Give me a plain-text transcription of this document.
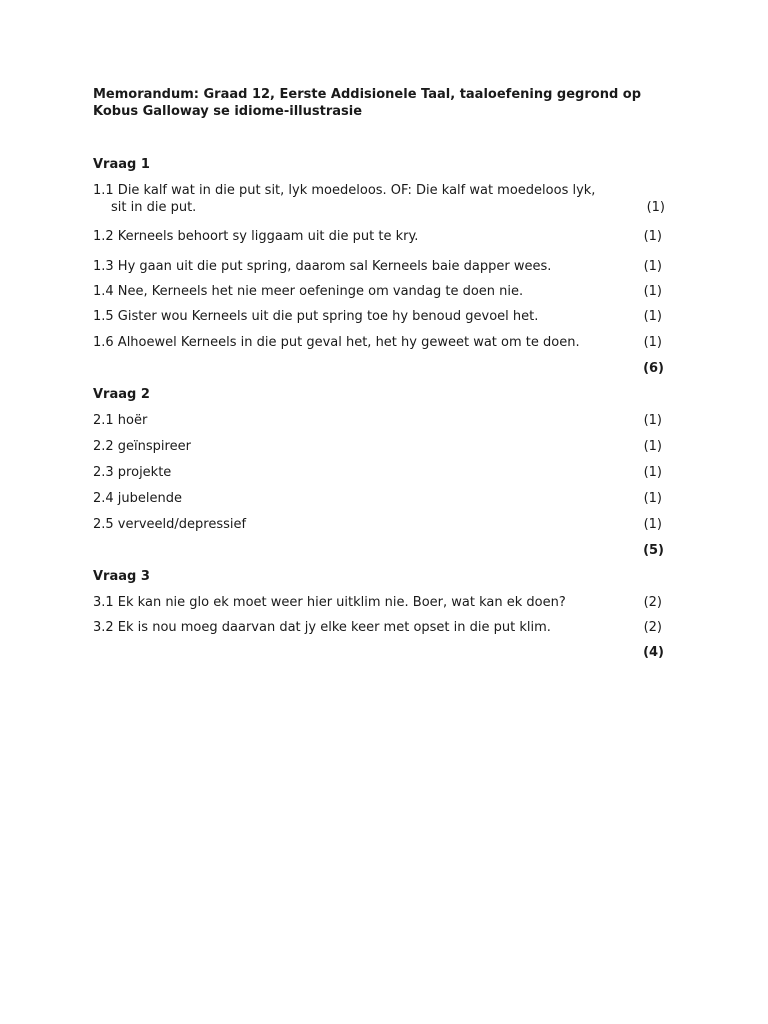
Memorandum: Graad 12, Eerste Addisionele Taal, taaloefening gegrond op
Kobus Galloway se idiome-illustrasie
Vraag 1
1.1 Die kalf wat in die put sit, lyk moedeloos. OF: Die kalf wat moedeloos lyk,
sit in die put.	(1)
1.2 Kerneels behoort sy liggaam uit die put te kry.	(1)
1.3 Hy gaan uit die put spring, daarom sal Kerneels baie dapper wees.	(1)
1.4 Nee, Kerneels het nie meer oefeninge om vandag te doen nie.	(1)
1.5 Gister wou Kerneels uit die put spring toe hy benoud gevoel het.	(1)
1.6 Alhoewel Kerneels in die put geval het, het hy geweet wat om te doen.	(1)
(6)
Vraag 2
2.1 hoër	(1)
2.2 geïnspireer	(1)
2.3 projekte	(1)
2.4 jubelende	(1)
2.5 verveeld/depressief	(1)
(5)
Vraag 3
3.1 Ek kan nie glo ek moet weer hier uitklim nie. Boer, wat kan ek doen?	(2)
3.2 Ek is nou moeg daarvan dat jy elke keer met opset in die put klim.	(2)
(4)
